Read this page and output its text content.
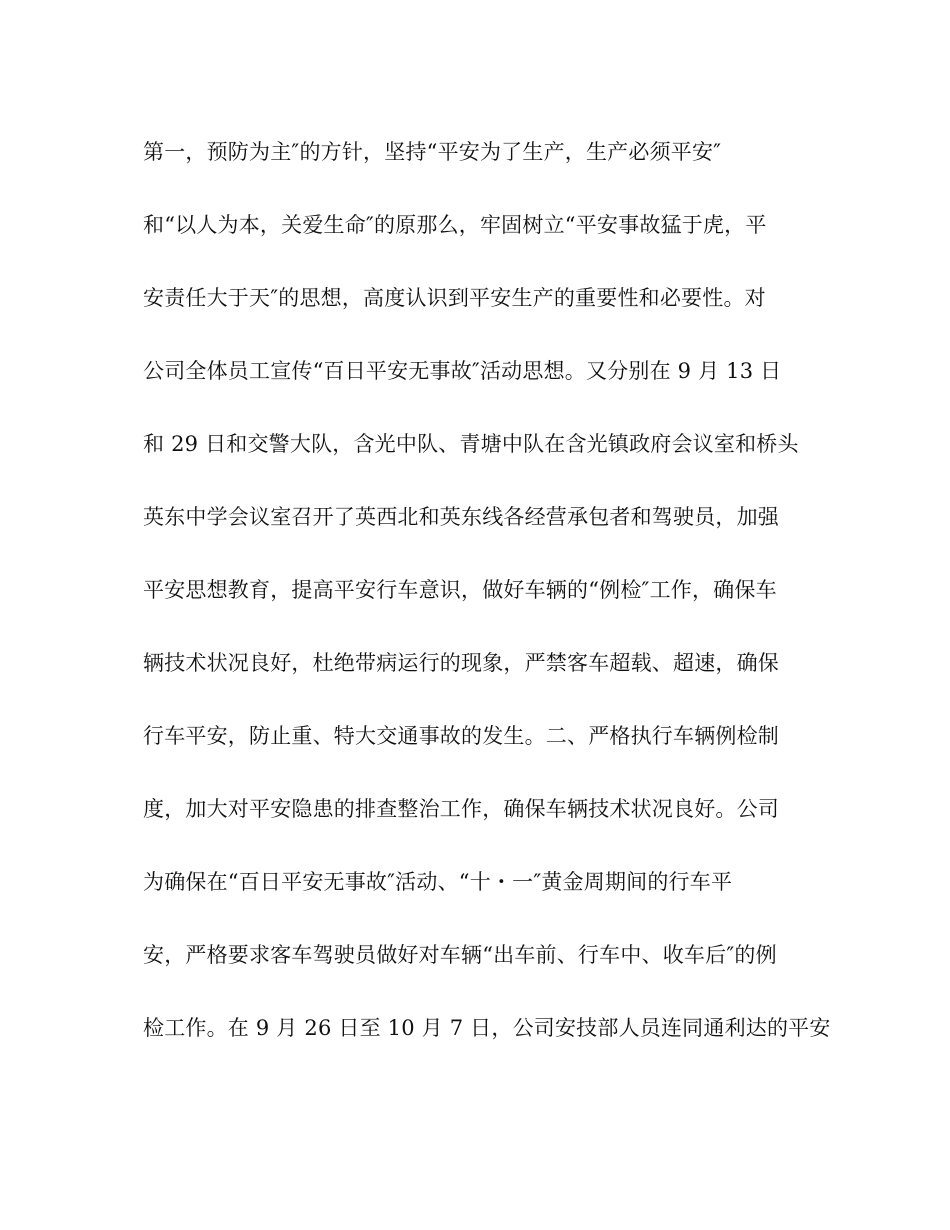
第一，预防为主″的方针，坚持“平安为了生产，生产必须平安″
和“以人为本，关爱生命″的原那么，牢固树立“平安事故猛于虎，平
安责任大于天″的思想，高度认识到平安生产的重要性和必要性。对
公司全体员工宣传“百日平安无事故″活动思想。又分别在 9 月 13 日
和 29 日和交警大队，含光中队、青塘中队在含光镇政府会议室和桥头
英东中学会议室召开了英西北和英东线各经营承包者和驾驶员，加强
平安思想教育，提高平安行车意识，做好车辆的“例检″工作，确保车
辆技术状况良好，杜绝带病运行的现象，严禁客车超载、超速，确保
行车平安，防止重、特大交通事故的发生。二、严格执行车辆例检制
度，加大对平安隐患的排查整治工作，确保车辆技术状况良好。公司
为确保在“百日平安无事故″活动、“十・一″黄金周期间的行车平
安，严格要求客车驾驶员做好对车辆“出车前、行车中、收车后″的例
检工作。在 9 月 26 日至 10 月 7 日，公司安技部人员连同通利达的平安
